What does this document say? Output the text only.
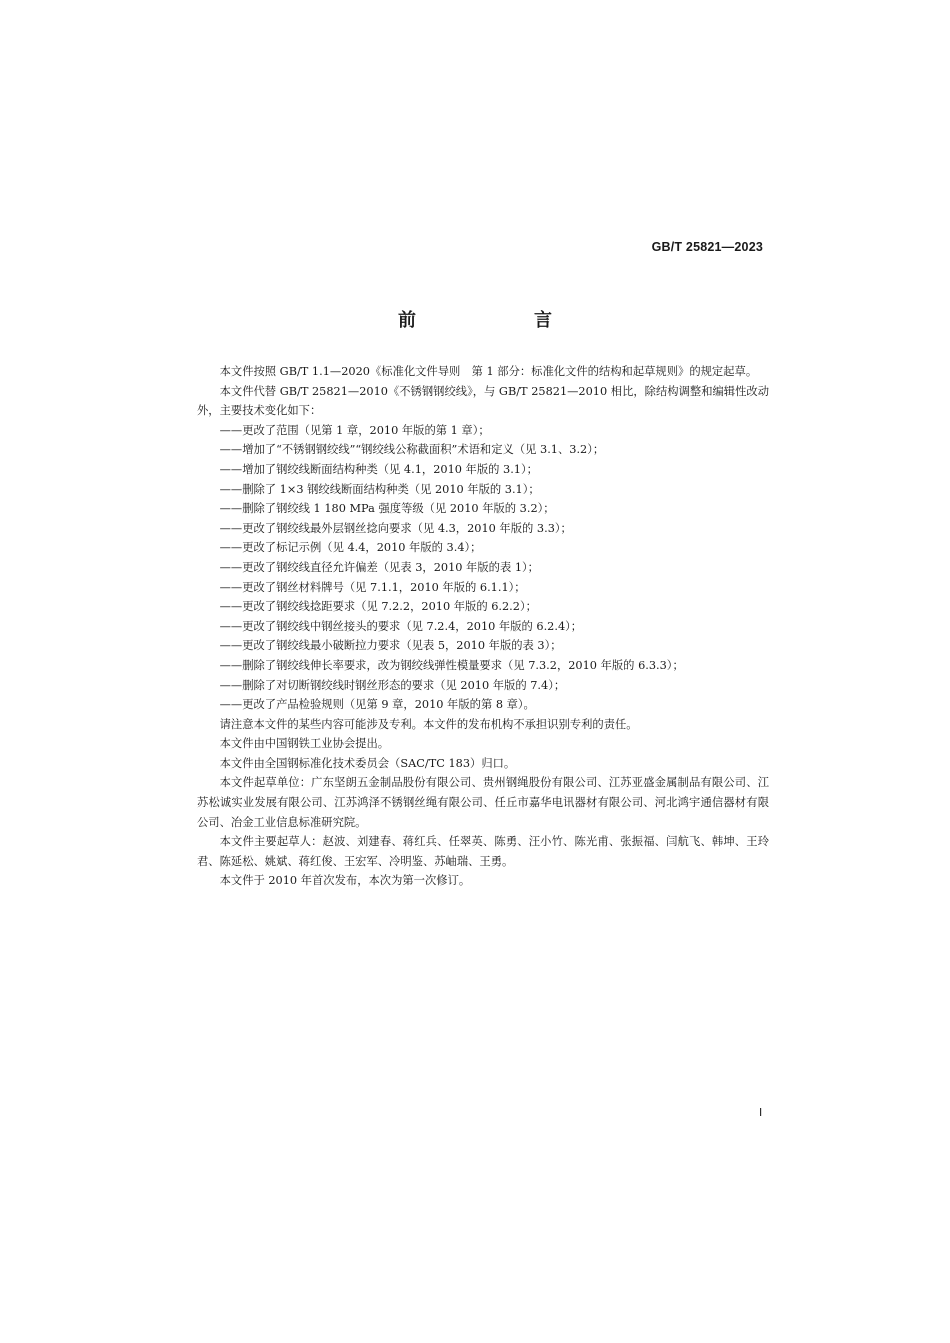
GB/T 25821—2023
前　言

本文件按照 GB/T 1.1—2020《标准化文件导则　第 1 部分：标准化文件的结构和起草规则》的规定起草。

本文件代替 GB/T 25821—2010《不锈钢钢绞线》，与 GB/T 25821—2010 相比，除结构调整和编辑性改动外，主要技术变化如下：

——更改了范围（见第 1 章，2010 年版的第 1 章）；
——增加了“不锈钢钢绞线”“钢绞线公称截面积”术语和定义（见 3.1、3.2）；
——增加了钢绞线断面结构种类（见 4.1，2010 年版的 3.1）；
——删除了 1×3 钢绞线断面结构种类（见 2010 年版的 3.1）；
——删除了钢绞线 1 180 MPa 强度等级（见 2010 年版的 3.2）；
——更改了钢绞线最外层钢丝捻向要求（见 4.3，2010 年版的 3.3）；
——更改了标记示例（见 4.4，2010 年版的 3.4）；
——更改了钢绞线直径允许偏差（见表 3，2010 年版的表 1）；
——更改了钢丝材料牌号（见 7.1.1，2010 年版的 6.1.1）；
——更改了钢绞线捻距要求（见 7.2.2，2010 年版的 6.2.2）；
——更改了钢绞线中钢丝接头的要求（见 7.2.4，2010 年版的 6.2.4）；
——更改了钢绞线最小破断拉力要求（见表 5，2010 年版的表 3）；
——删除了钢绞线伸长率要求，改为钢绞线弹性模量要求（见 7.3.2，2010 年版的 6.3.3）；
——删除了对切断钢绞线时钢丝形态的要求（见 2010 年版的 7.4）；
——更改了产品检验规则（见第 9 章，2010 年版的第 8 章）。

请注意本文件的某些内容可能涉及专利。本文件的发布机构不承担识别专利的责任。

本文件由中国钢铁工业协会提出。

本文件由全国钢标准化技术委员会（SAC/TC 183）归口。

本文件起草单位：广东坚朗五金制品股份有限公司、贵州钢绳股份有限公司、江苏亚盛金属制品有限公司、江苏松诚实业发展有限公司、江苏鸿泽不锈钢丝绳有限公司、任丘市嘉华电讯器材有限公司、河北鸿宇通信器材有限公司、冶金工业信息标准研究院。

本文件主要起草人：赵波、刘建春、蒋红兵、任翠英、陈勇、汪小竹、陈光甫、张振福、闫航飞、韩坤、王玲君、陈延松、姚斌、蒋红俊、王宏军、冷明鉴、苏岫瑞、王勇。

本文件于 2010 年首次发布，本次为第一次修订。

I
